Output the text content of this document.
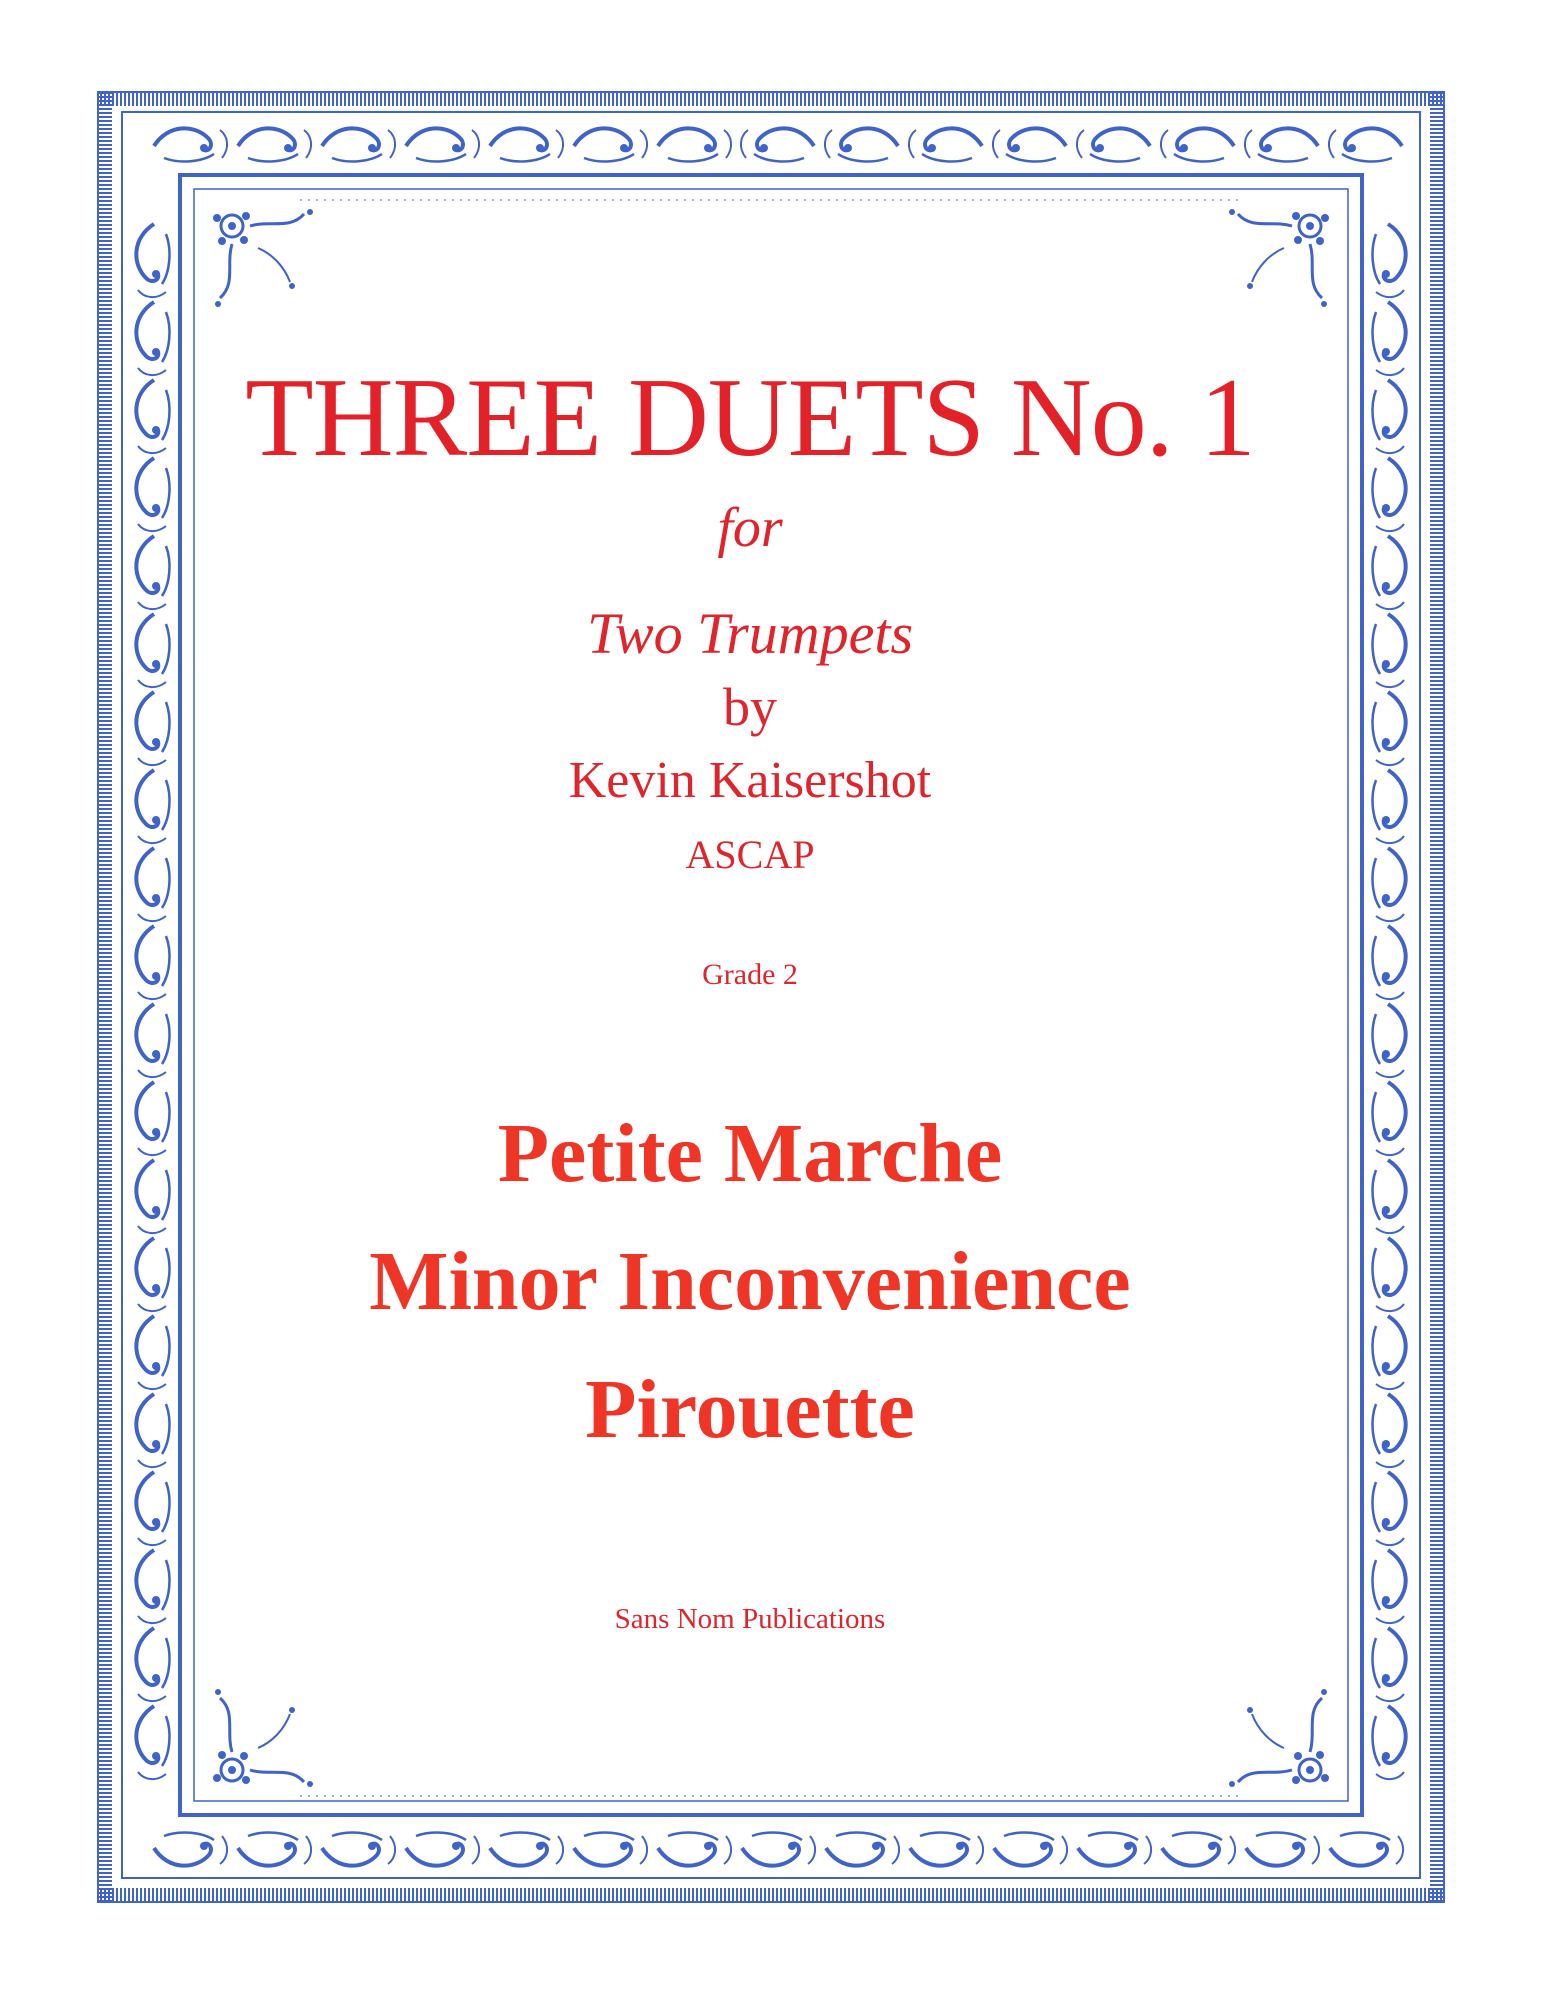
THREE DUETS No. 1
for
Two Trumpets
by
Kevin Kaisershot
ASCAP
Grade 2
Petite Marche
Minor Inconvenience
Pirouette
Sans Nom Publications
